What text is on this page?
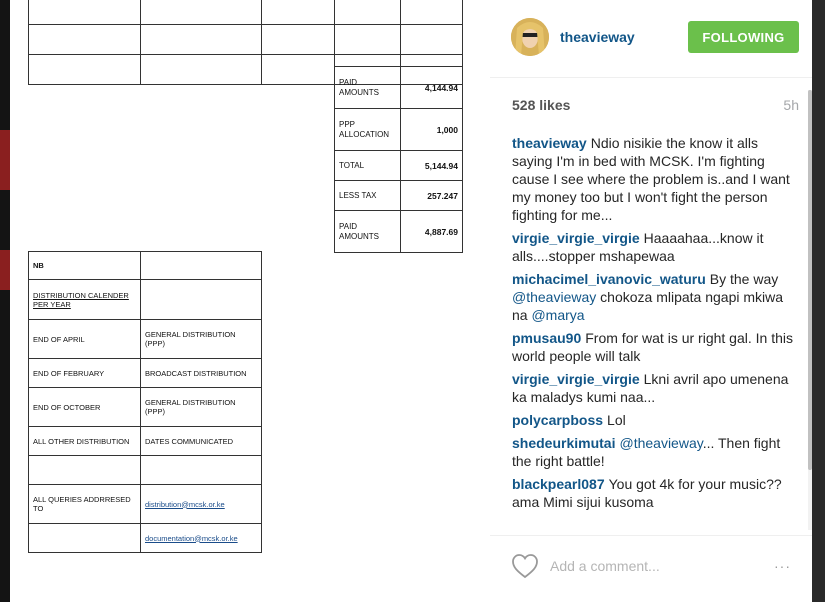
PAID AMOUNTS	4,144.94
PPP ALLOCATION	1,000
TOTAL	5,144.94
LESS TAX	257.247
PAID AMOUNTS	4,887.69
NB	
DISTRIBUTION CALENDER PER YEAR	
END OF APRIL	GENERAL DISTRIBUTION (PPP)
END OF FEBRUARY	BROADCAST DISTRIBUTION
END OF OCTOBER	GENERAL DISTRIBUTION (PPP)
ALL OTHER DISTRIBUTION	DATES COMMUNICATED

ALL QUERIES ADDRRESED TO	distribution@mcsk.or.ke
	documentation@mcsk.or.ke
theavieway	FOLLOWING
528 likes	5h
theavieway Ndio nisikie the know it alls saying I'm in bed with MCSK. I'm fighting cause I see where the problem is..and I want my money too but I won't fight the person fighting for me...
virgie_virgie_virgie Haaaahaa...know it alls....stopper mshapewaa
michacimel_ivanovic_waturu By the way @theavieway chokoza mlipata ngapi mkiwa na @marya
pmusau90 From for wat is ur right gal. In this world people will talk
virgie_virgie_virgie Lkni avril apo umenena ka maladys kumi naa...
polycarpboss Lol
shedeurkimutai @theavieway... Then fight the right battle!
blackpearl087 You got 4k for your music??ama Mimi sijui kusoma
Add a comment...
···
